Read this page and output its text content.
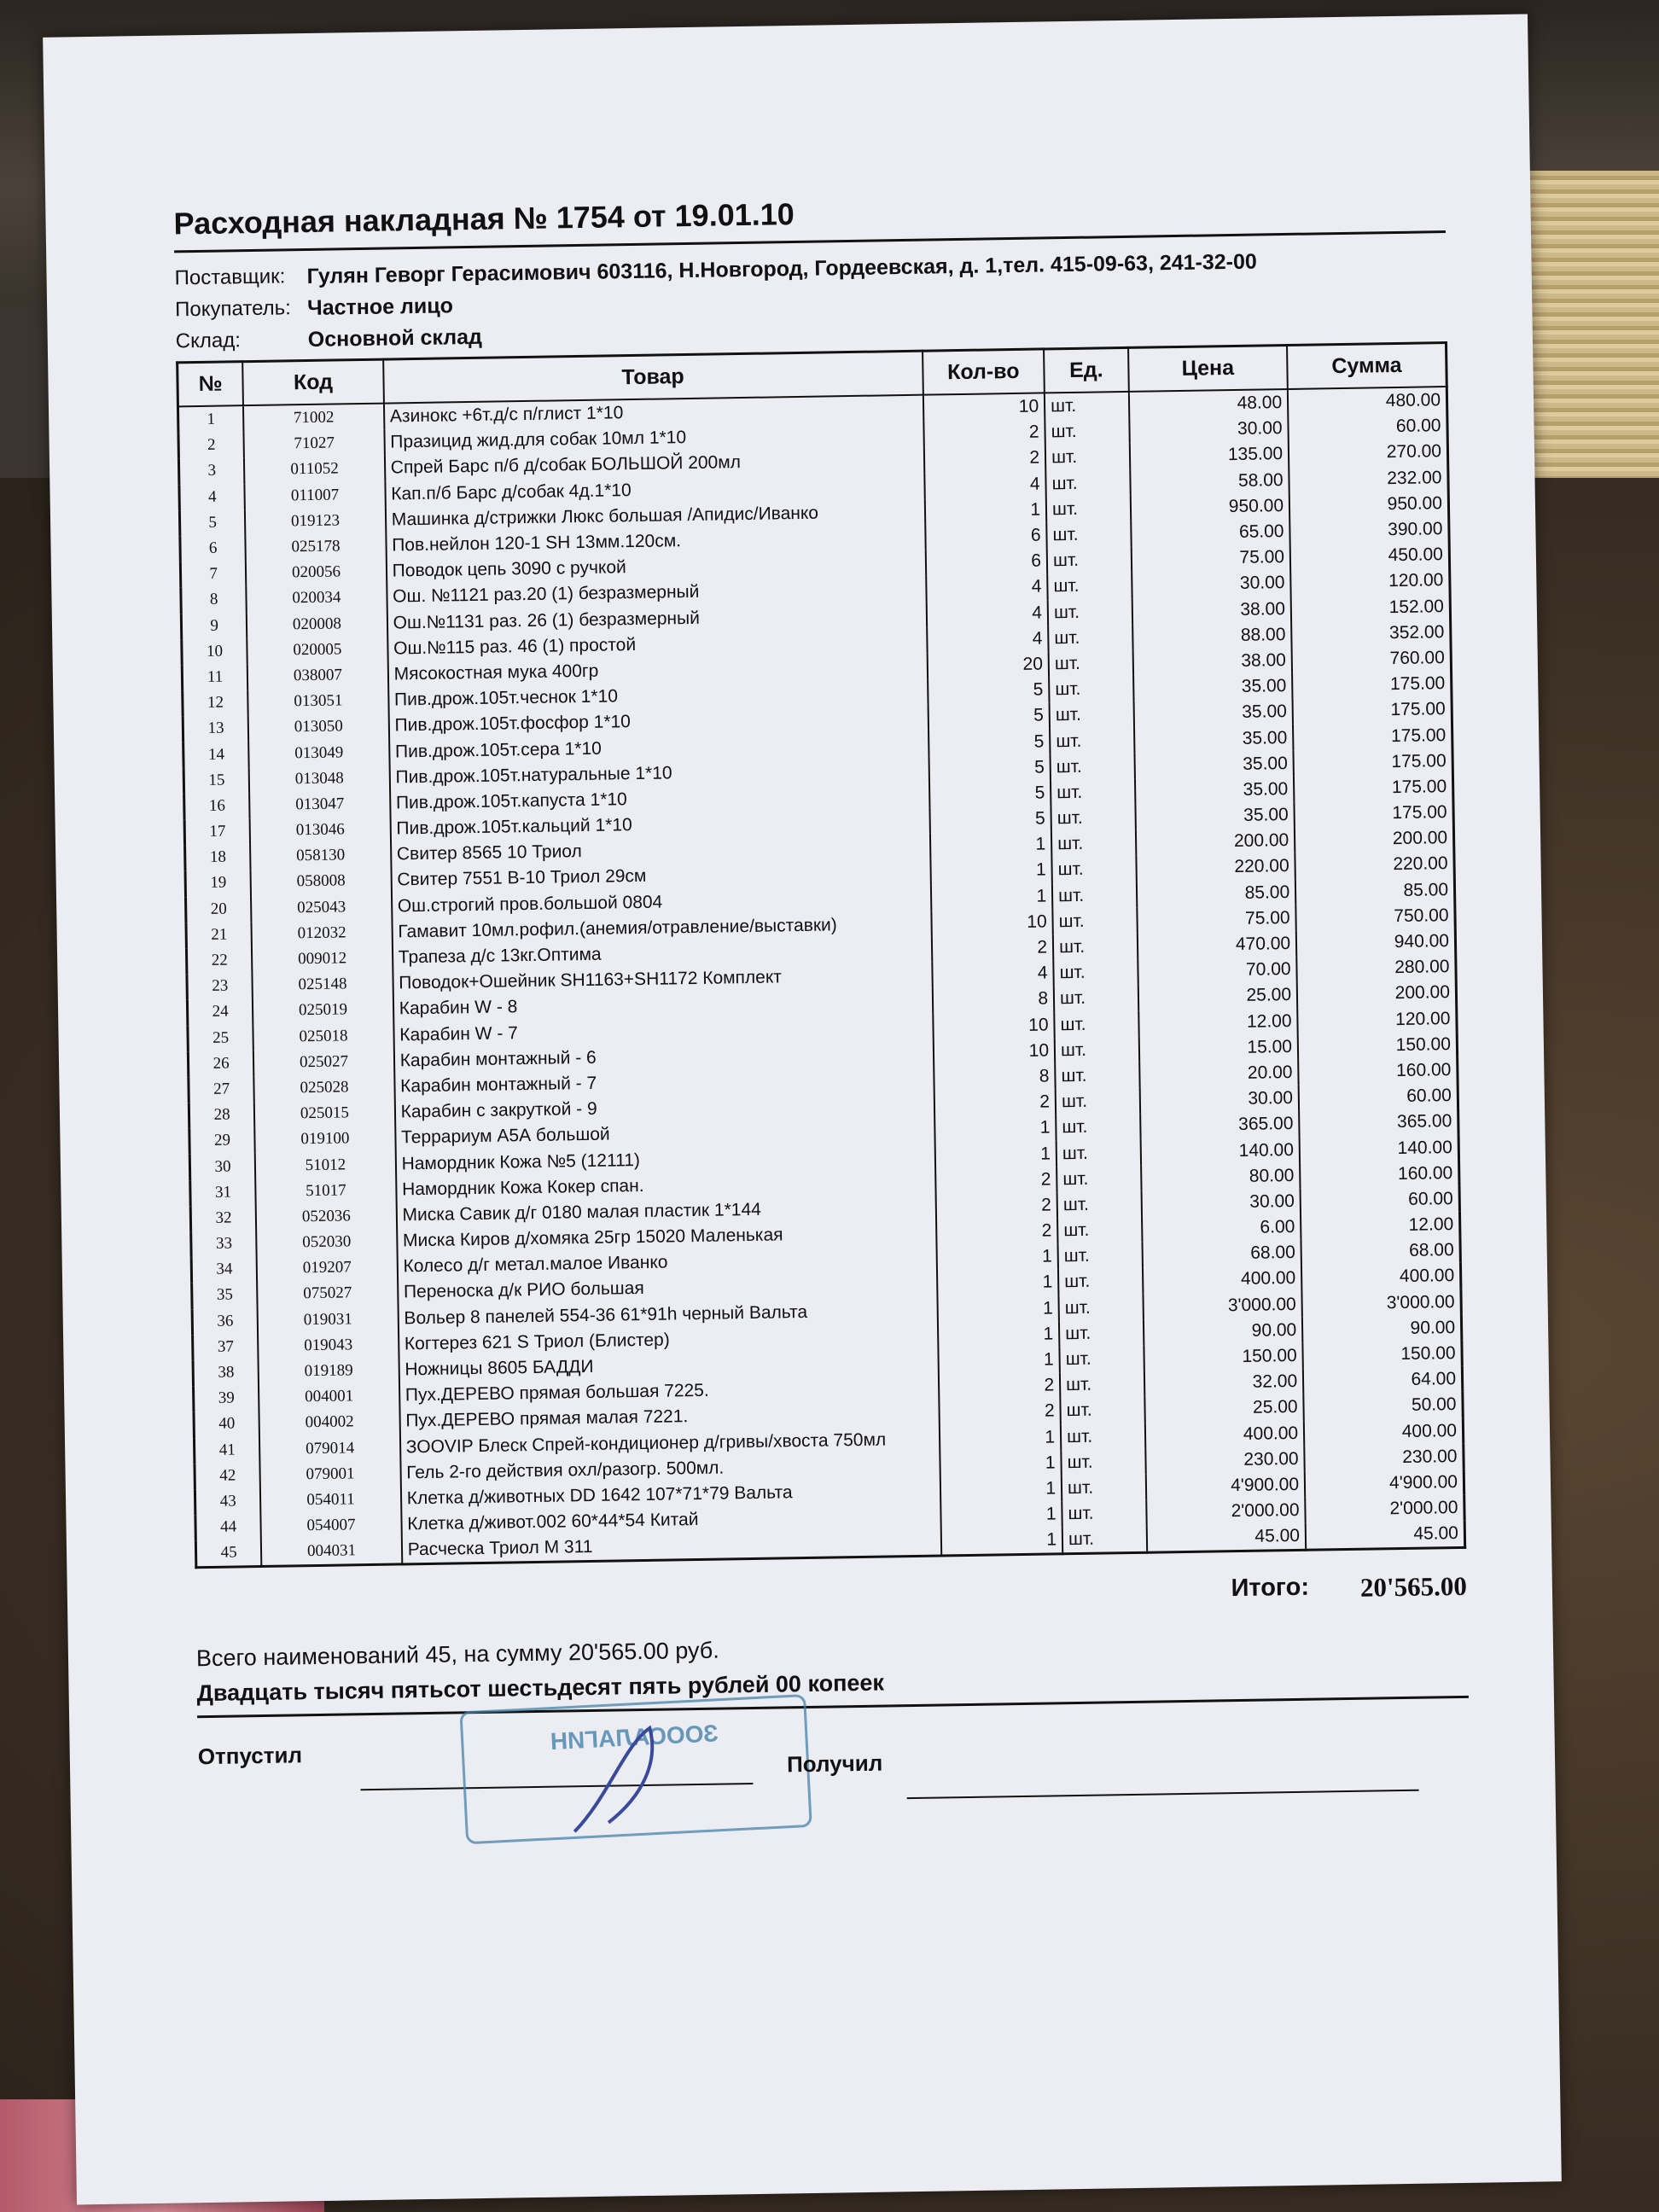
Расходная накладная № 1754 от 19.01.10
Поставщик: Гулян Геворг Герасимович 603116, Н.Новгород, Гордеевская, д. 1,тел. 415-09-63, 241-32-00
Покупатель: Частное лицо
Склад:	Основной склад
№	Код	Товар	Кол-во	Ед.	Цена	Сумма
1	71002	Азинокс +6т.д/с п/глист 1*10	10	шт.	48.00	480.00
2	71027	Празицид жид.для собак 10мл 1*10	2	шт.	30.00	60.00
3	011052	Спрей Барс п/б д/собак БОЛЬШОЙ 200мл	2	шт.	135.00	270.00
4	011007	Кап.п/б Барс д/собак 4д.1*10	4	шт.	58.00	232.00
5	019123	Машинка д/стрижки Люкс большая /Апидис/Иванко	1	шт.	950.00	950.00
6	025178	Пов.нейлон 120-1 SH 13мм.120см.	6	шт.	65.00	390.00
7	020056	Поводок цепь 3090 с ручкой	6	шт.	75.00	450.00
8	020034	Ош. №1121 раз.20 (1) безразмерный	4	шт.	30.00	120.00
9	020008	Ош.№1131 раз. 26 (1) безразмерный	4	шт.	38.00	152.00
10	020005	Ош.№115 раз. 46 (1) простой	4	шт.	88.00	352.00
11	038007	Мясокостная мука 400гр	20	шт.	38.00	760.00
12	013051	Пив.дрож.105т.чеснок 1*10	5	шт.	35.00	175.00
13	013050	Пив.дрож.105т.фосфор 1*10	5	шт.	35.00	175.00
14	013049	Пив.дрож.105т.сера 1*10	5	шт.	35.00	175.00
15	013048	Пив.дрож.105т.натуральные 1*10	5	шт.	35.00	175.00
16	013047	Пив.дрож.105т.капуста 1*10	5	шт.	35.00	175.00
17	013046	Пив.дрож.105т.кальций 1*10	5	шт.	35.00	175.00
18	058130	Свитер 8565 10 Триол	1	шт.	200.00	200.00
19	058008	Свитер 7551 В-10 Триол 29см	1	шт.	220.00	220.00
20	025043	Ош.строгий пров.большой 0804	1	шт.	85.00	85.00
21	012032	Гамавит 10мл.рофил.(анемия/отравление/выставки)	10	шт.	75.00	750.00
22	009012	Трапеза д/с 13кг.Оптима	2	шт.	470.00	940.00
23	025148	Поводок+Ошейник SH1163+SH1172 Комплект	4	шт.	70.00	280.00
24	025019	Карабин W - 8	8	шт.	25.00	200.00
25	025018	Карабин W - 7	10	шт.	12.00	120.00
26	025027	Карабин монтажный - 6	10	шт.	15.00	150.00
27	025028	Карабин монтажный - 7	8	шт.	20.00	160.00
28	025015	Карабин с закруткой - 9	2	шт.	30.00	60.00
29	019100	Террариум А5А большой	1	шт.	365.00	365.00
30	51012	Намордник Кожа №5 (12111)	1	шт.	140.00	140.00
31	51017	Намордник Кожа Кокер спан.	2	шт.	80.00	160.00
32	052036	Миска Савик д/г 0180 малая пластик 1*144	2	шт.	30.00	60.00
33	052030	Миска Киров д/хомяка 25гр 15020 Маленькая	2	шт.	6.00	12.00
34	019207	Колесо д/г метал.малое Иванко	1	шт.	68.00	68.00
35	075027	Переноска д/к РИО большая	1	шт.	400.00	400.00
36	019031	Вольер 8 панелей 554-36 61*91h черный Вальта	1	шт.	3'000.00	3'000.00
37	019043	Когтерез 621 S Триол (Блистер)	1	шт.	90.00	90.00
38	019189	Ножницы 8605 БАДДИ	1	шт.	150.00	150.00
39	004001	Пух.ДЕРЕВО прямая большая 7225.	2	шт.	32.00	64.00
40	004002	Пух.ДЕРЕВО прямая малая 7221.	2	шт.	25.00	50.00
41	079014	ЗООVIP Блеск Спрей-кондиционер д/гривы/хвоста 750мл	1	шт.	400.00	400.00
42	079001	Гель 2-го действия охл/разогр. 500мл.	1	шт.	230.00	230.00
43	054011	Клетка д/животных DD 1642 107*71*79 Вальта	1	шт.	4'900.00	4'900.00
44	054007	Клетка д/живот.002 60*44*54 Китай	1	шт.	2'000.00	2'000.00
45	004031	Расческа Триол М 311	1	шт.	45.00	45.00
Итого: 20'565.00
Всего наименований 45, на сумму 20'565.00 руб.
Двадцать тысяч пятьсот шестьдесят пять рублей 00 копеек
Отпустил
ЗООСАЛАГИН
Получил
